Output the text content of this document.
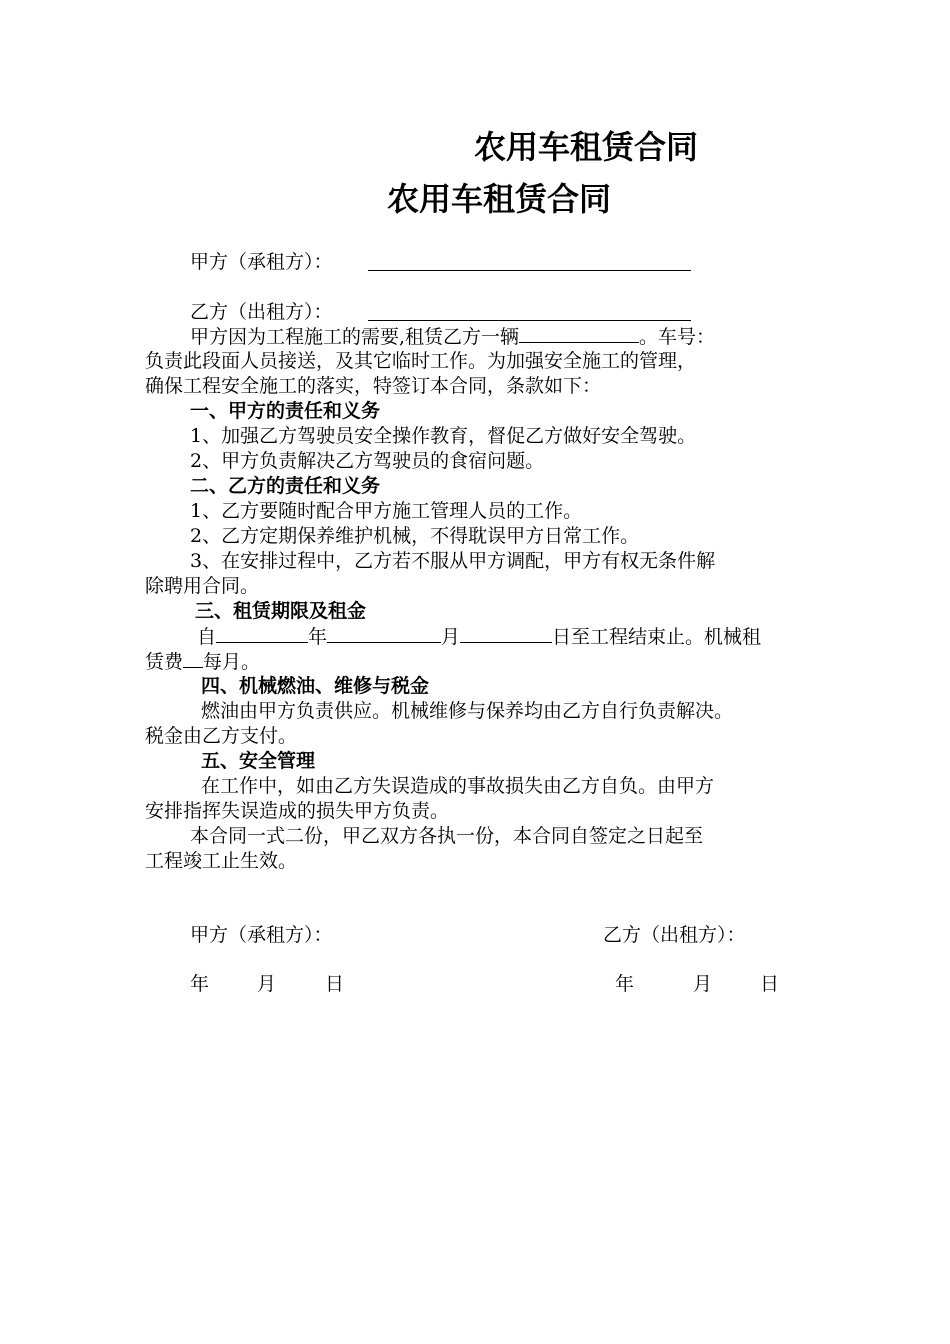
农用车租赁合同
农用车租赁合同
甲方（承租方）：
乙方（出租方）：
甲方因为工程施工的需要,租赁乙方一辆	。车号：
负责此段面人员接送，及其它临时工作。为加强安全施工的管理，
确保工程安全施工的落实，特签订本合同，条款如下：
一、甲方的责任和义务
1、加强乙方驾驶员安全操作教育，督促乙方做好安全驾驶。
2、甲方负责解决乙方驾驶员的食宿问题。
二、乙方的责任和义务
1、乙方要随时配合甲方施工管理人员的工作。
2、乙方定期保养维护机械，不得耽误甲方日常工作。
3、在安排过程中，乙方若不服从甲方调配，甲方有权无条件解
除聘用合同。
三、租赁期限及租金
自	年	月	日至工程结束止。机械租
赁费 每月。
四、机械燃油、维修与税金
燃油由甲方负责供应。机械维修与保养均由乙方自行负责解决。
税金由乙方支付。
五、安全管理
在工作中，如由乙方失误造成的事故损失由乙方自负。由甲方
安排指挥失误造成的损失甲方负责。
本合同一式二份，甲乙双方各执一份，本合同自签定之日起至
工程竣工止生效。
甲方（承租方）：	乙方（出租方）：
年	月	日	年	月	日
